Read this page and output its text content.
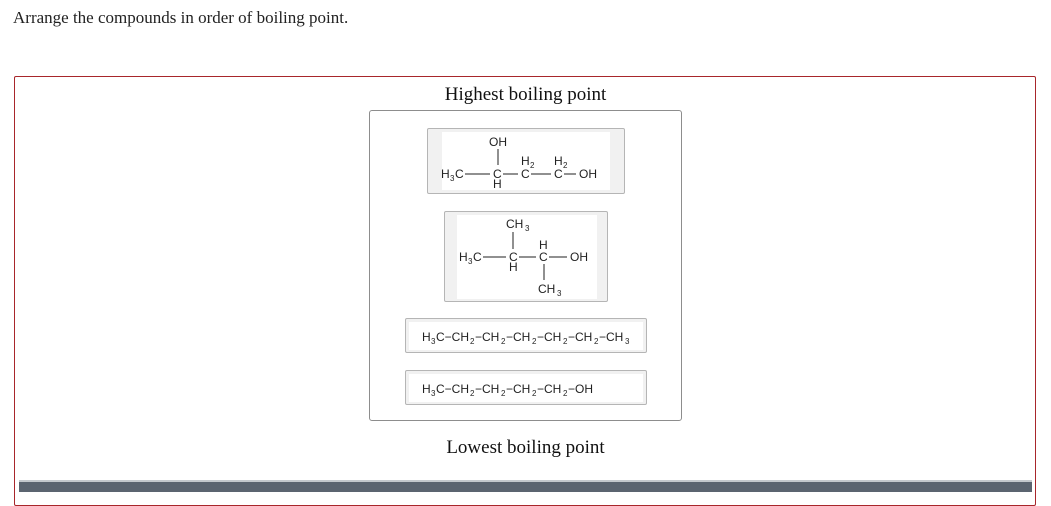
Arrange the compounds in order of boiling point.
Highest boiling point
OH
H 3 C C
H
H 2
C
H 2
C OH
CH 3
H 3 C C
H
H
C OH
CH 3
H 3 C−CH 2 −CH 2 −CH 2 −CH 2 −CH 2 −CH 3
H 3 C−CH 2 −CH 2 −CH 2 −CH 2 −OH
Lowest boiling point
